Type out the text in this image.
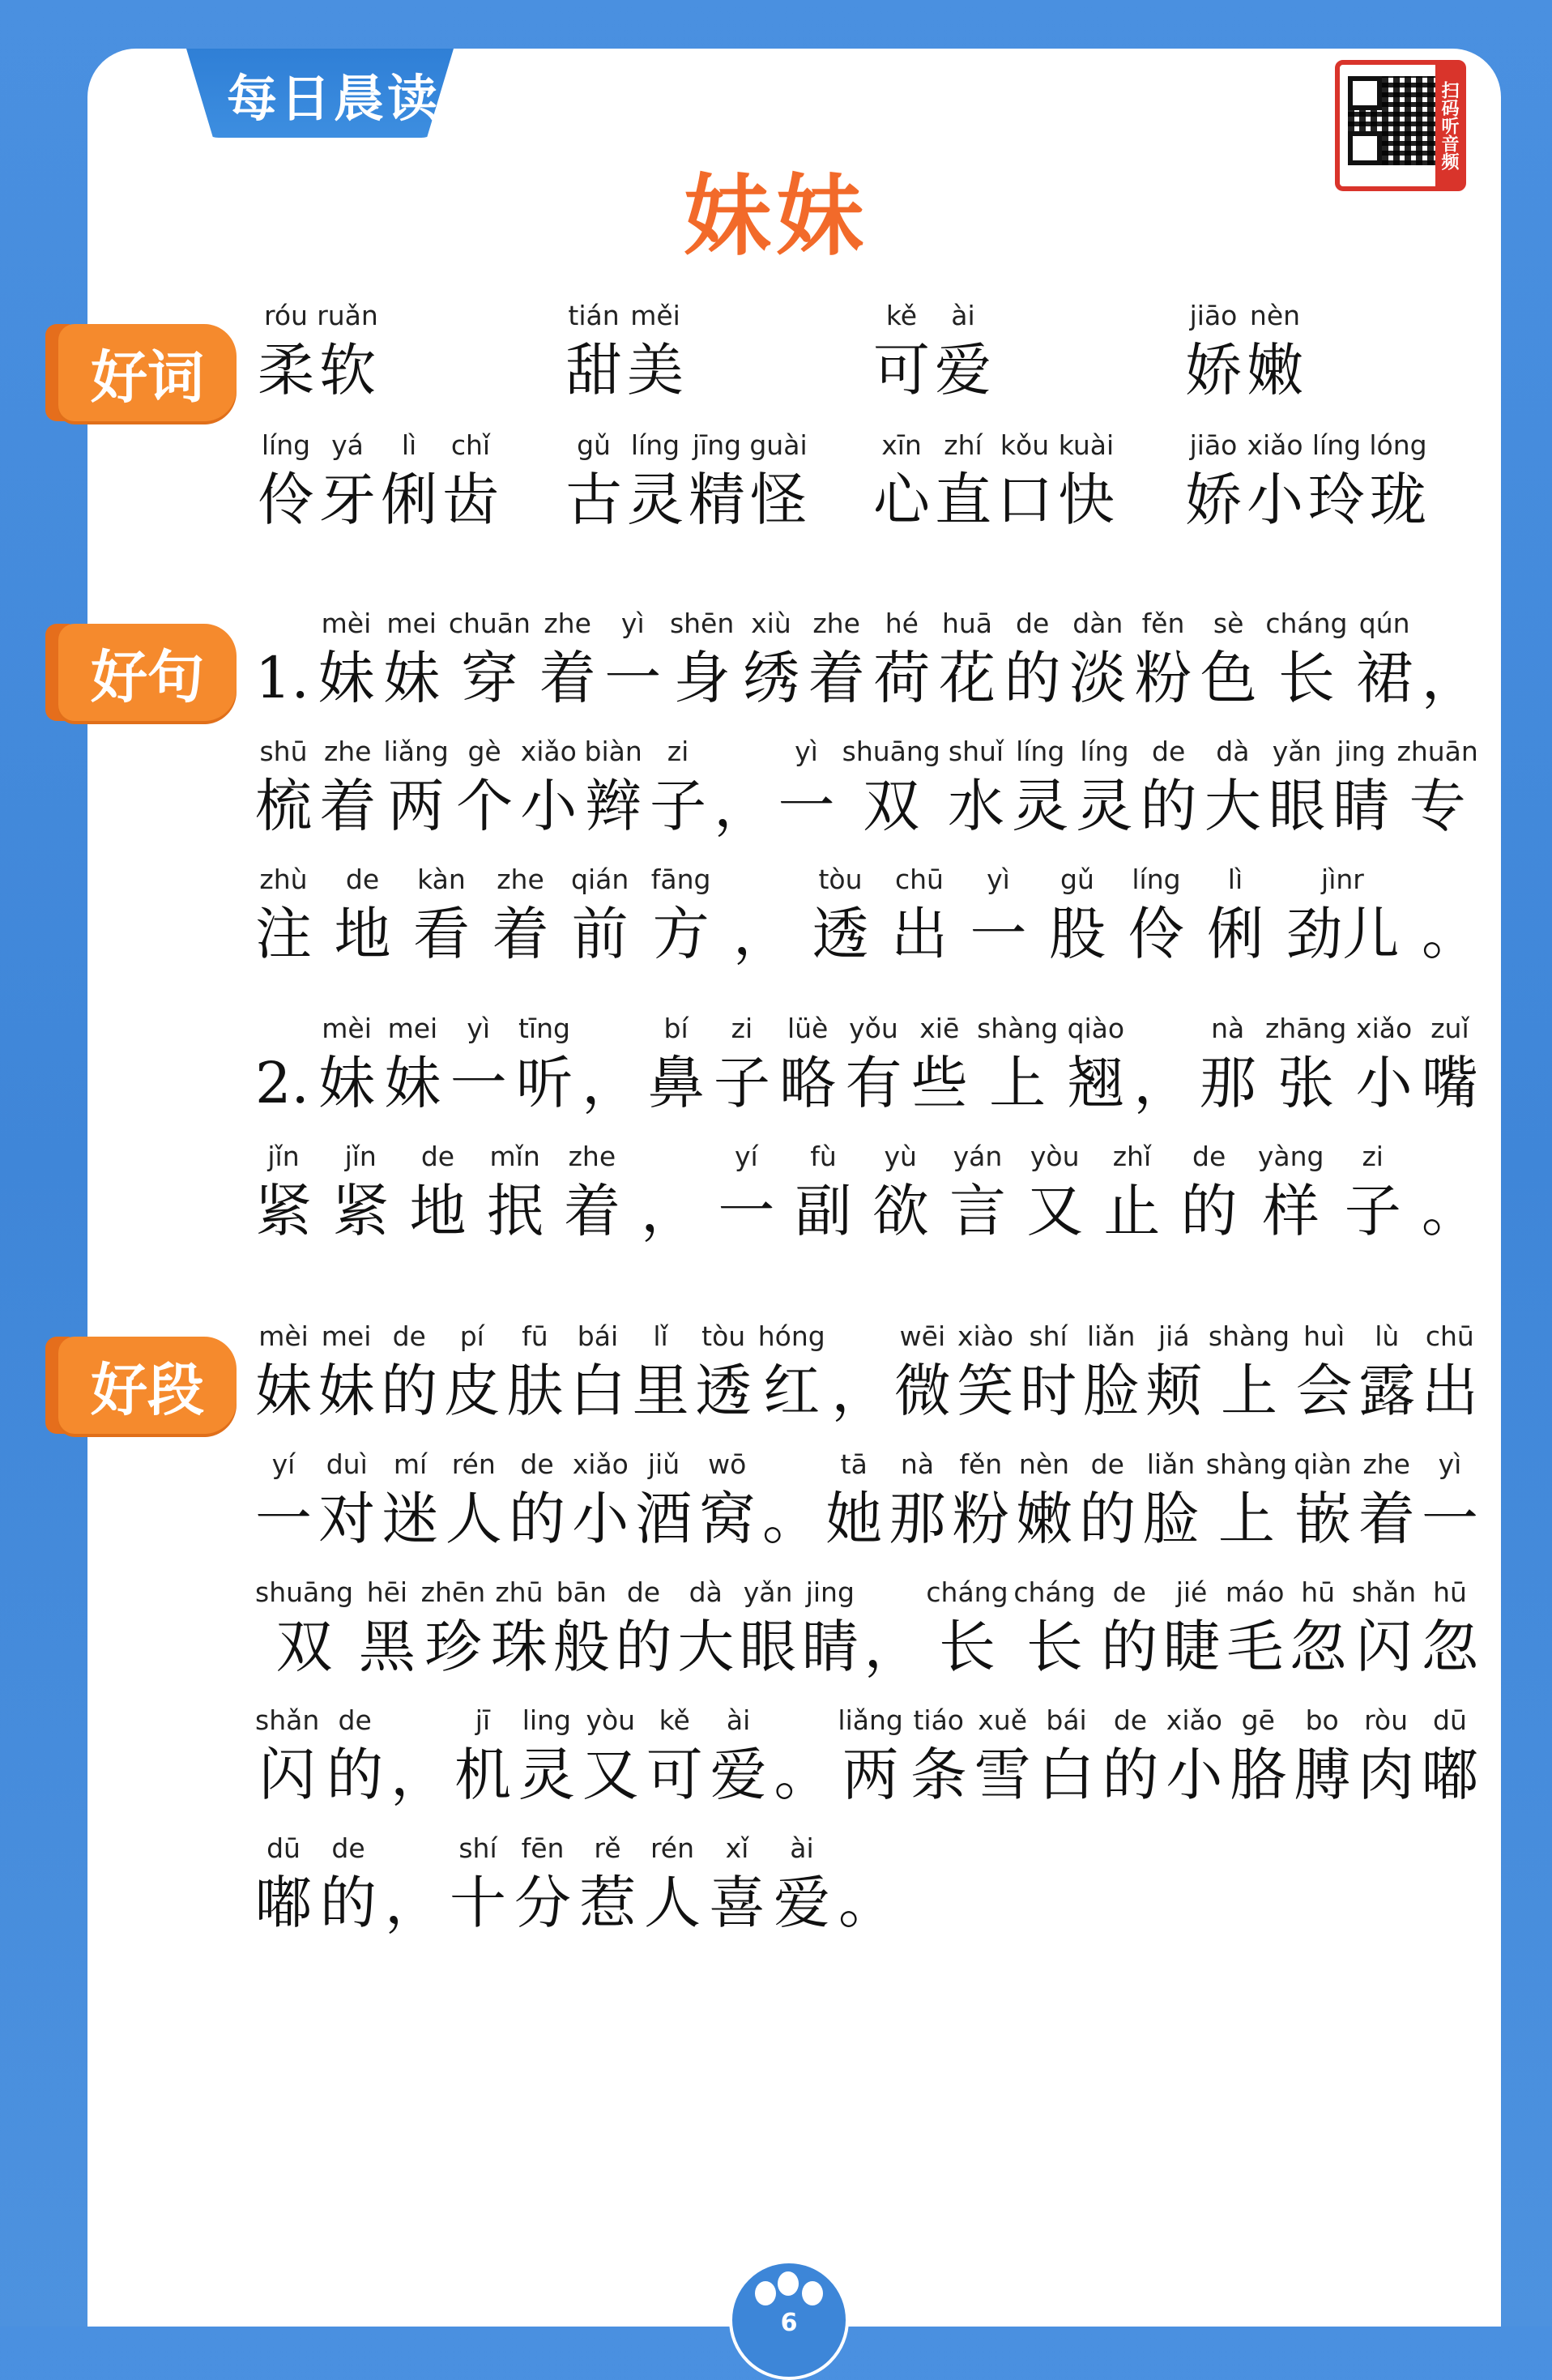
每日晨读	扫码听音频
妹妹
好词
好句
好段
róu
柔
ruǎn
软
tián
甜
měi
美
kě
可
ài
爱
jiāo
娇
nèn
嫩
líng
伶
yá
牙
lì
俐
chǐ
齿
gǔ
古
líng
灵
jīng
精
guài
怪
xīn
心
zhí
直
kǒu
口
kuài
快
jiāo
娇
xiǎo
小
líng
玲
lóng
珑
1.
mèi
妹
mei
妹
chuān
穿
zhe
着
yì
一
shēn
身
xiù
绣
zhe
着
hé
荷
huā
花
de
的
dàn
淡
fěn
粉
sè
色
cháng
长
qún
裙 ，
shū
梳
zhe
着
liǎng
两
gè
个
xiǎo
小
biàn
辫
zi
子 ，
yì
一
shuāng
双
shuǐ
水
líng
灵
líng
灵
de
的
dà
大
yǎn
眼
jing
睛
zhuān
专
zhù
注
de
地
kàn
看
zhe
着
qián
前
fāng
方 ，
tòu
透
chū
出
yì
一
gǔ
股
líng
伶
lì
俐
jìnr
劲儿 。
2.
mèi
妹
mei
妹
yì
一
tīng
听 ，
bí
鼻
zi
子
lüè
略
yǒu
有
xiē
些
shàng
上
qiào
翘 ，
nà
那
zhāng
张
xiǎo
小
zuǐ
嘴
jǐn
紧
jǐn
紧
de
地
mǐn
抿
zhe
着 ，
yí
一
fù
副
yù
欲
yán
言
yòu
又
zhǐ
止
de
的
yàng
样
zi
子 。
mèi
妹
mei
妹
de
的
pí
皮
fū
肤
bái
白
lǐ
里
tòu
透
hóng
红 ，
wēi
微
xiào
笑
shí
时
liǎn
脸
jiá
颊
shàng
上
huì
会
lù
露
chū
出
yí
一
duì
对
mí
迷
rén
人
de
的
xiǎo
小
jiǔ
酒
wō
窝 。
tā
她
nà
那
fěn
粉
nèn
嫩
de
的
liǎn
脸
shàng
上
qiàn
嵌
zhe
着
yì
一
shuāng
双
hēi
黑
zhēn
珍
zhū
珠
bān
般
de
的
dà
大
yǎn
眼
jing
睛 ，
cháng
长
cháng
长
de
的
jié
睫
máo
毛
hū
忽
shǎn
闪
hū
忽
shǎn
闪
de
的 ，
jī
机
ling
灵
yòu
又
kě
可
ài
爱 。
liǎng
两
tiáo
条
xuě
雪
bái
白
de
的
xiǎo
小
gē
胳
bo
膊
ròu
肉
dū
嘟
dū
嘟
de
的 ，
shí
十
fēn
分
rě
惹
rén
人
xǐ
喜
ài
爱 。
6
